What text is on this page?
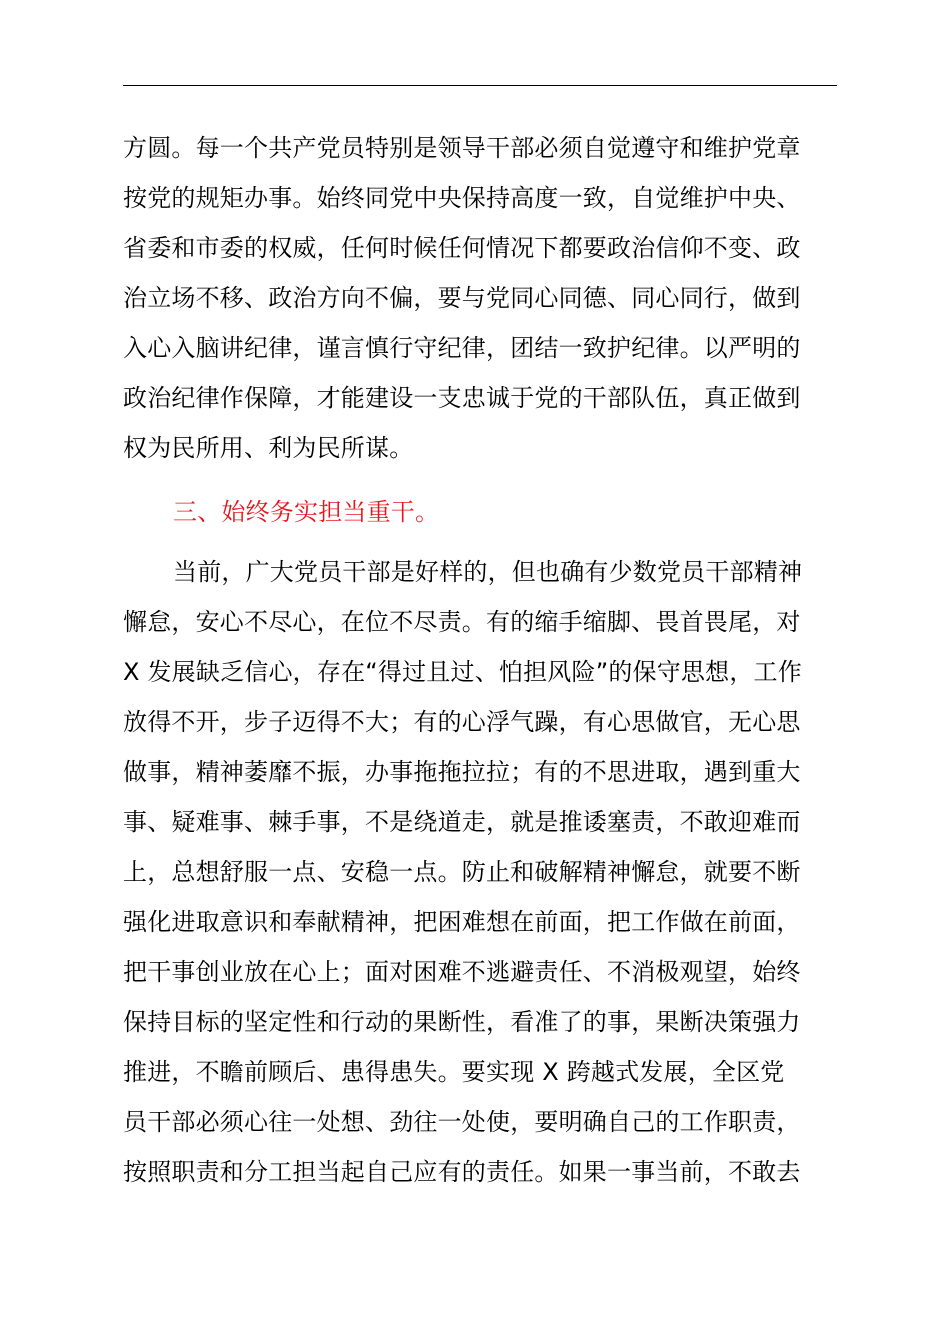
方圆。每一个共产党员特别是领导干部必须自觉遵守和维护党章
按党的规矩办事。始终同党中央保持高度一致，自觉维护中央、
省委和市委的权威，任何时候任何情况下都要政治信仰不变、政
治立场不移、政治方向不偏，要与党同心同德、同心同行，做到
入心入脑讲纪律，谨言慎行守纪律，团结一致护纪律。以严明的
政治纪律作保障，才能建设一支忠诚于党的干部队伍，真正做到
权为民所用、利为民所谋。
三、始终务实担当重干。
当前，广大党员干部是好样的，但也确有少数党员干部精神
懈怠，安心不尽心，在位不尽责。有的缩手缩脚、畏首畏尾，对
X 发展缺乏信心，存在“得过且过、怕担风险”的保守思想，工作
放得不开，步子迈得不大；有的心浮气躁，有心思做官，无心思
做事，精神萎靡不振，办事拖拖拉拉；有的不思进取，遇到重大
事、疑难事、棘手事，不是绕道走，就是推诿塞责，不敢迎难而
上，总想舒服一点、安稳一点。防止和破解精神懈怠，就要不断
强化进取意识和奉献精神，把困难想在前面，把工作做在前面，
把干事创业放在心上；面对困难不逃避责任、不消极观望，始终
保持目标的坚定性和行动的果断性，看准了的事，果断决策强力
推进，不瞻前顾后、患得患失。要实现 X 跨越式发展，全区党
员干部必须心往一处想、劲往一处使，要明确自己的工作职责，
按照职责和分工担当起自己应有的责任。如果一事当前，不敢去
